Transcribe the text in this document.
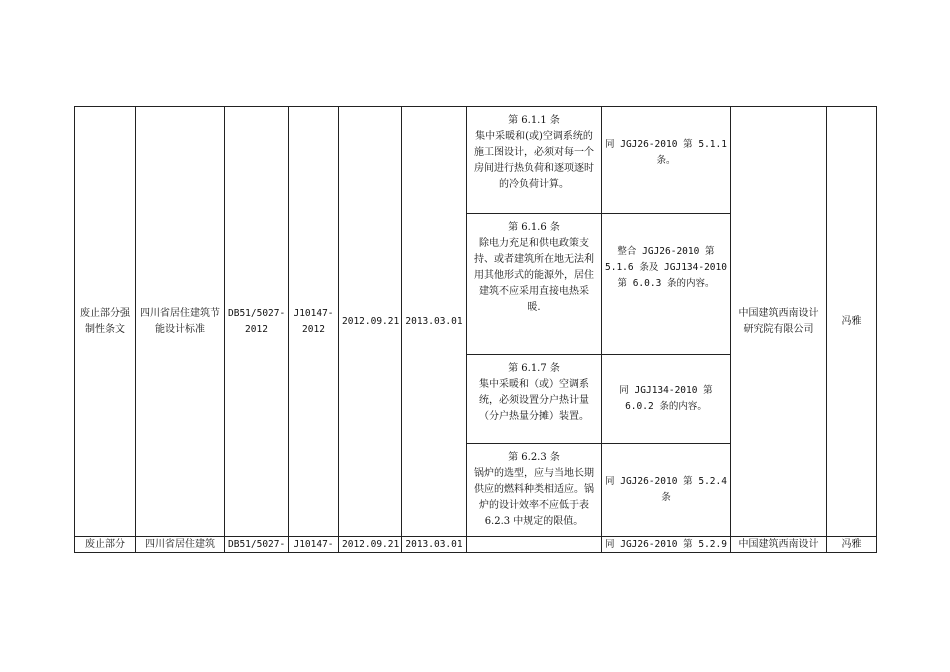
废止部分强制性条文	四川省居住建筑节能设计标准	DB51/5027-2012	J10147-2012	2012.09.21	2013.03.01	第 6.1.1 条
集中采暖和(或)空调系统的施工图设计，必须对每一个房间进行热负荷和逐项逐时的冷负荷计算。	同 JGJ26-2010 第 5.1.1 条。	中国建筑西南设计研究院有限公司	冯雅

						第 6.1.6 条
除电力充足和供电政策支持、或者建筑所在地无法利用其他形式的能源外，居住建筑不应采用直接电热采暖.	整合 JGJ26-2010 第 5.1.6 条及 JGJ134-2010 第 6.0.3 条的内容。		

						第 6.1.7 条
集中采暖和（或）空调系统，必须设置分户热计量（分户热量分摊）装置。	同 JGJ134-2010 第 6.0.2 条的内容。		

						第 6.2.3 条
锅炉的选型，应与当地长期供应的燃料种类相适应。锅炉的设计效率不应低于表 6.2.3 中规定的限值。	同 JGJ26-2010 第 5.2.4 条		
废止部分	四川省居住建筑	DB51/5027-	J10147-	2012.09.21	2013.03.01		同 JGJ26-2010 第 5.2.9	中国建筑西南设计	冯雅
